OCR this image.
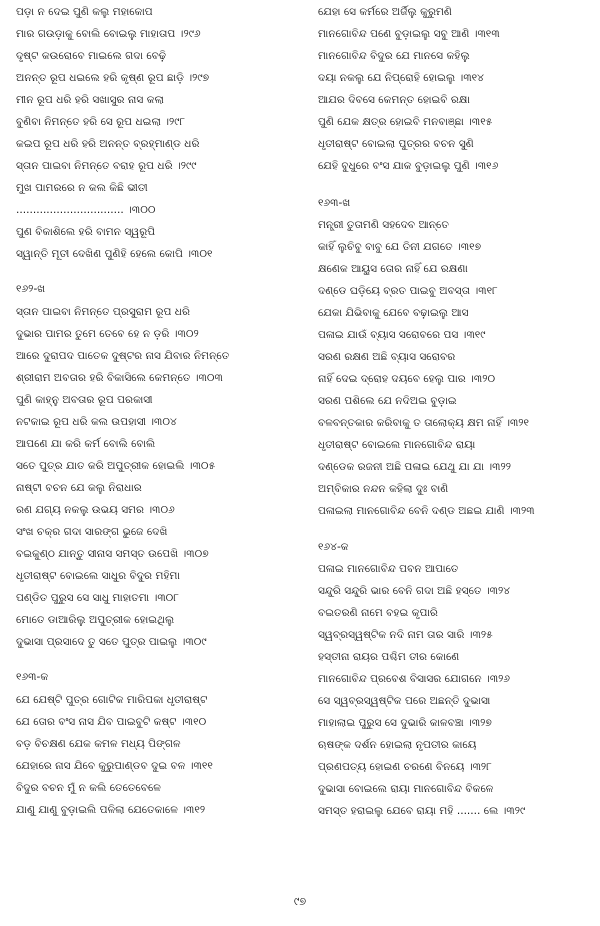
ପଡ଼ା ନ ଦେଇ ପୁଣି କଲୁ ମହାକୋପ
ମାର ଗଉଡ଼ାକୁ ବୋଲି ବୋଇଲୁ ମାହାତାପ ।୨୯୬
ଦୃଷ୍ଟ କଉରୋବେ ମାଇଲେ ଗଦା ବେଢ଼ି
ଅନନ୍ତ ରୂପ ଧଇଲେ ହରି କୃଷ୍ଣ ରୂପ ଛାଡ଼ି ।୨୯୭
ମୀନ ରୂପ ଧରି ହରି ସଖାସୁର ନାସ କଲା
ବୁଣିବା ନିମନ୍ତେ ହରି ସେ ରୂପ ଧଇଲା ।୨୯୮
କଇପ ରୂପ ଧରି ହରି ଅନନ୍ତ ବ୍ରହ୍ମାଣ୍ଡ ଧରି
ସ୍ତାନ ପାଇବା ନିମନ୍ତେ ବରାହ ରୂପ ଧରି ।୨୯୯
ମୁଖ ପାମରରେ ନ କଲ କିଛି ଭୀତୀ
................................ ।୩୦୦
ପୁଣ ବିକାଶିଲେ ହରି ବାମନ ସ୍ୱରୂପି
ସ୍ୱାନ୍ତି ମୂତୀ ଦେଖିଣ ପୁଣିହି ହେଲେ କୋପି ।୩୦୧
୧୬୨-ଖ
ସ୍ତାନ ପାଇବା ନିମନ୍ତେ ପ୍ରସୁରାମ ରୂପ ଧରି
ଦୁଭାର ପାମର ତୁମେ ତେବେ ହେ ନ ଡ଼ରି ।୩୦୨
ଆରେ ଦୁରାପଦ ପାତେକ ଦୁଷ୍ଟର ନାସ ଯିବାର ନିମନ୍ତେ
ଶ୍ରୀରାମ ଅବତାର ହରି ବିକାସିଲେ କେମନ୍ତେ ।୩୦୩
ପୁଣି କାହ୍ନୁ ଅବତାର ରୂପ ପରକାସୀ
ନଟକାଇ ରୂପ ଧରି କଲ ଉପହାସୀ ।୩୦୪
ଆପଣେ ଯା କରି କର୍ମ ବୋଲି ବୋଲି
ସତେ ପୁତ୍ର ଯାତ କରି ଅପୁତ୍ରୀକ ହୋଇଲି ।୩୦୫
ନାଷ୍ଟୀ ବଚନ ଯେ କଲୁ ନିରାଧାର
ରଣ ଯଗ୍ୟ ନକଲୁ ଉଭୟ ସମର ।୩୦୬
ସଂଖ ଚକ୍ର ଗଦା ସାରଙ୍ଗ ଭୁଜେ ଦେଖି
ବଇକୁଣ୍ଠ ଯାନ୍ତୁ ସୀନାସ ସମସ୍ତ ଉପେଖି ।୩୦୭
ଧୃତୀରାଷ୍ଟ ବୋଇଲେ ସାଧୁର ବିଦୁର ମହିମା
ପଣ୍ଡିତ ପୁରୁସ ସେ ସାଧୁ ମାହାତମା ।୩୦୮
ମୋତେ ଡାଆରିଲୁ ଅପୁତ୍ରୀକ ହୋଇଥିଲୁ
ଦୁଭାସା ପ୍ରସାଦେ ତୁ ସତେ ପୁତ୍ର ପାଇଲୁ ।୩୦୯
୧୬୩-କ
ଯେ ଯେଷ୍ଟି ପୁତ୍ର ଗୋଟିକ ମାରିପକା ଧୃତୀରାଷ୍ଟ
ଯେ ତୋର ବଂସ ନାସ ଯିବ ପାଇବୁଟି କଷ୍ଟ ।୩୧୦
ବଡ଼ ବିଚକ୍ଷଣ ଯେକ କମଳ ମଧ୍ୟ ପିଙ୍ଗଳ
ଯେହାରେ ନାସ ଯିବେ କୁରୁପାଣ୍ଡବ ଦୁଇ ବଳ ।୩୧୧
ବିଦୁର ବଚନ ମୁଁ ନ କଲି ତେତେବେଳେ
ଯାଣୁ ଯାଣୁ ବୁଡ଼ାଇଲି ପଳିଲା ଯେତେକାଳେ ।୩୧୨
ଯେହା ସେ କର୍ମରେ ଅର୍ଜିଲୁ କୁରୁମଣି
ମାନଗୋବିନ୍ଦ ପଣେ ବୁଡ଼ାଇଲୁ ସବୁ ଆଣି ।୩୧୩
ମାନଗୋବିନ୍ଦ ବିଦୁର ଯେ ମାନସେ କହିଲୁ
ଦୟା ନକଲୁ ଯେ ନିପ୍ରୋହି ହୋଇଲୁ ।୩୧୪
ଆଯର ଦିବସେ କେମନ୍ତ ହୋଇବି ରକ୍ଷା
ପୁଣି ଯେକ କ୍ଷତ୍ର ହୋଇବି ମନବାଞ୍ଛା ।୩୧୫
ଧୃତୀରାଷ୍ଟ ବୋଇଲା ପୁତ୍ରର ବଚନ ସୁଣି
ଯେହି ବୁଧୁରେ ବଂସ ଯାକ ବୁଡ଼ାଇଲୁ ପୁଣି ।୩୧୬
୧୬୩-ଖ
ମନ୍ତ୍ରୀ ତୁତାମଣି ସହଦେବ ଆନ୍ତେ
କାହିଁ ଲୁଚିବୁ ବାବୁ ଯେ ତିନୀ ଯଗତେ ।୩୧୭
କ୍ଷଣେକ ଆୟୁସ ତୋର ନାହିଁ ଯେ ରକ୍ଷଣା
ଦଣ୍ଡେ ଘଡ଼ିୟେ ବ୍ରତ ପାଇବୁ ଅବସ୍ତା ।୩୧୮
ଯେକା ଯିଭିବାକୁ ଯେବେ ବଢ଼ାଇଲୁ ଆସ
ପଳାଇ ଯାଉଁ ବ୍ୟାସ ସରୋବରେ ପସ ।୩୧୯
ସରଣ ରକ୍ଷଣ ଅଛି ବ୍ୟାସ ସରୋବର
ନାହିଁ ଦେଇ ଦ୍ରୋହ ଦୟବେ ହେଲୁ ପାର ।୩୨୦
ସରଣ ପଶିଲେ ଯେ ନଦିଅଇ ବୁଡ଼ାଇ
ବଳବନ୍ତକାର କରିବାକୁ ତ ତାଲୋକ୍ୟ କ୍ଷମ ନାହିଁ ।୩୨୧
ଧୃତୀରାଷ୍ଟ ବୋଇଲେ ମାନଗୋବିନ୍ଦ ରାୟା
ଦଣ୍ଡେକ ରଜନୀ ଅଛି ପଳାଇ ଯେଥୁ ଯା ଯା ।୩୨୨
ଅମ୍ବିକାର ନନ୍ଦନ କହିଲା ଦୁଃ ବାଣି
ପଳାଇଲା ମାନଗୋବିନ୍ଦ ବେନି ଦଣ୍ଡ ଅଛଇ ଯାଣି ।୩୨୩
୧୬୪-କ
ପଳାଇ ମାନଗୋବିନ୍ଦ ପବନ ଆପାତେ
ସନ୍ଦୁରି ସନ୍ଦୁରି ଭାର ବେନି ଗଦା ଅଛି ହସ୍ତେ ।୩୨୪
ବଇତରଣି ନାମେ ବହଇ କୃପାରି
ସ୍ୱବ୍ରସ୍ୱଷ୍ଟିକ ନଦି ନାମ ତାର ସାରି ।୩୨୫
ହସ୍ତୀନା ରାୟର ପଶ୍ଚିମ ତୀର କୋଣେ
ମାନଗୋବିନ୍ଦ ପ୍ରବେଶ ବିସାସର ଯୋଗନେ ।୩୨୬
ସେ ସ୍ୱବ୍ରସ୍ୱଷ୍ଟିକ ପରେ ଅଛନ୍ତି ଦୁଭାସା
ମାହାଲାଇ ପୁରୁସ ସେ ଦୁଭାରି କାଳବଞ୍ଚା ।୩୨୭
ଋଷଙ୍କ ଦର୍ଶନ ହୋଇଲା ନୃପତୀର କାୟେ
ପ୍ରଣପତ୍ୟ ହୋଇଣ ଚରଣେ ବିନୟେ ।୩୨୮
ଦୁଭାସା ବୋଇଲେ ରାୟା ମାନଗୋବିନ୍ଦ ବିକଳେ
ସମସ୍ତ ହରାଇଲୁ ଯେବେ ରାୟା ମହି ....... ଲେ ।୩୨୯
୯୭
